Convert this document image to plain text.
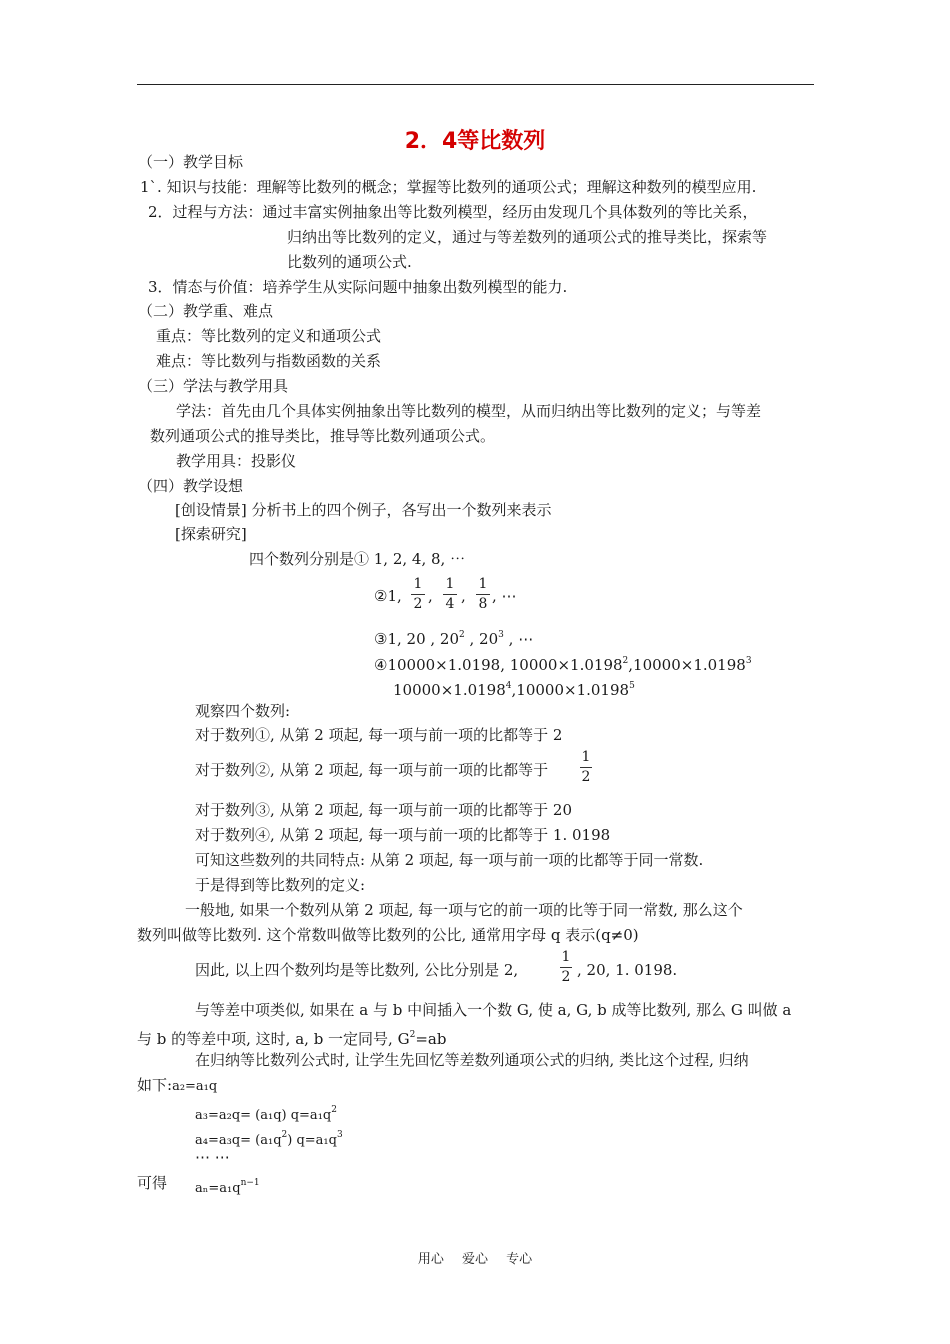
2．4等比数列
（一）教学目标
1`. 知识与技能：理解等比数列的概念；掌握等比数列的通项公式；理解这种数列的模型应用.
2．过程与方法：通过丰富实例抽象出等比数列模型，经历由发现几个具体数列的等比关系，
归纳出等比数列的定义，通过与等差数列的通项公式的推导类比，探索等
比数列的通项公式.
3．情态与价值：培养学生从实际问题中抽象出数列模型的能力.
（二）教学重、难点
重点：等比数列的定义和通项公式
难点：等比数列与指数函数的关系
（三）学法与教学用具
学法：首先由几个具体实例抽象出等比数列的模型，从而归纳出等比数列的定义；与等差
数列通项公式的推导类比，推导等比数列通项公式。
教学用具：投影仪
（四）教学设想
[创设情景] 分析书上的四个例子，各写出一个数列来表示
[探索研究]
四个数列分别是① 1, 2, 4, 8, ⋯
②1,
1
2 ,
1
4 ,
1
8 , ⋯
③1, 20 , $20^2$ , $20^3$ , ⋯
④10000×1.0198, $10000\times 1.0198^2,10000\times 1.0198^3$
$10000\times 1.0198^4,10000\times 1.0198^5$
观察四个数列:
对于数列①, 从第 2 项起, 每一项与前一项的比都等于 2
对于数列②, 从第 2 项起, 每一项与前一项的比都等于
1
2
对于数列③, 从第 2 项起, 每一项与前一项的比都等于 20
对于数列④, 从第 2 项起, 每一项与前一项的比都等于 1. 0198
可知这些数列的共同特点: 从第 2 项起, 每一项与前一项的比都等于同一常数.
于是得到等比数列的定义:
一般地, 如果一个数列从第 2 项起, 每一项与它的前一项的比等于同一常数, 那么这个
数列叫做等比数列. 这个常数叫做等比数列的公比, 通常用字母 q 表示(q≠0)
因此, 以上四个数列均是等比数列, 公比分别是 2,
1
2 , 20, 1. 0198.
与等差中项类似, 如果在 a 与 b 中间插入一个数 G, 使 a, G, b 成等比数列, 那么 G 叫做 a
与 b 的等差中项, 这时, a, b 一定同号, $G^2=ab$
在归纳等比数列公式时, 让学生先回忆等差数列通项公式的归纳, 类比这个过程, 归纳
如下:a₂=a₁q
a₃=a₂q= (a₁q) $q=a_1q^2$
$a_4=a_3q= (a_1q^2)$ $q=a_1q^3$
⋯ ⋯
可得 $a_n=a_1q^{n-1}$
用心 爱心 专心
